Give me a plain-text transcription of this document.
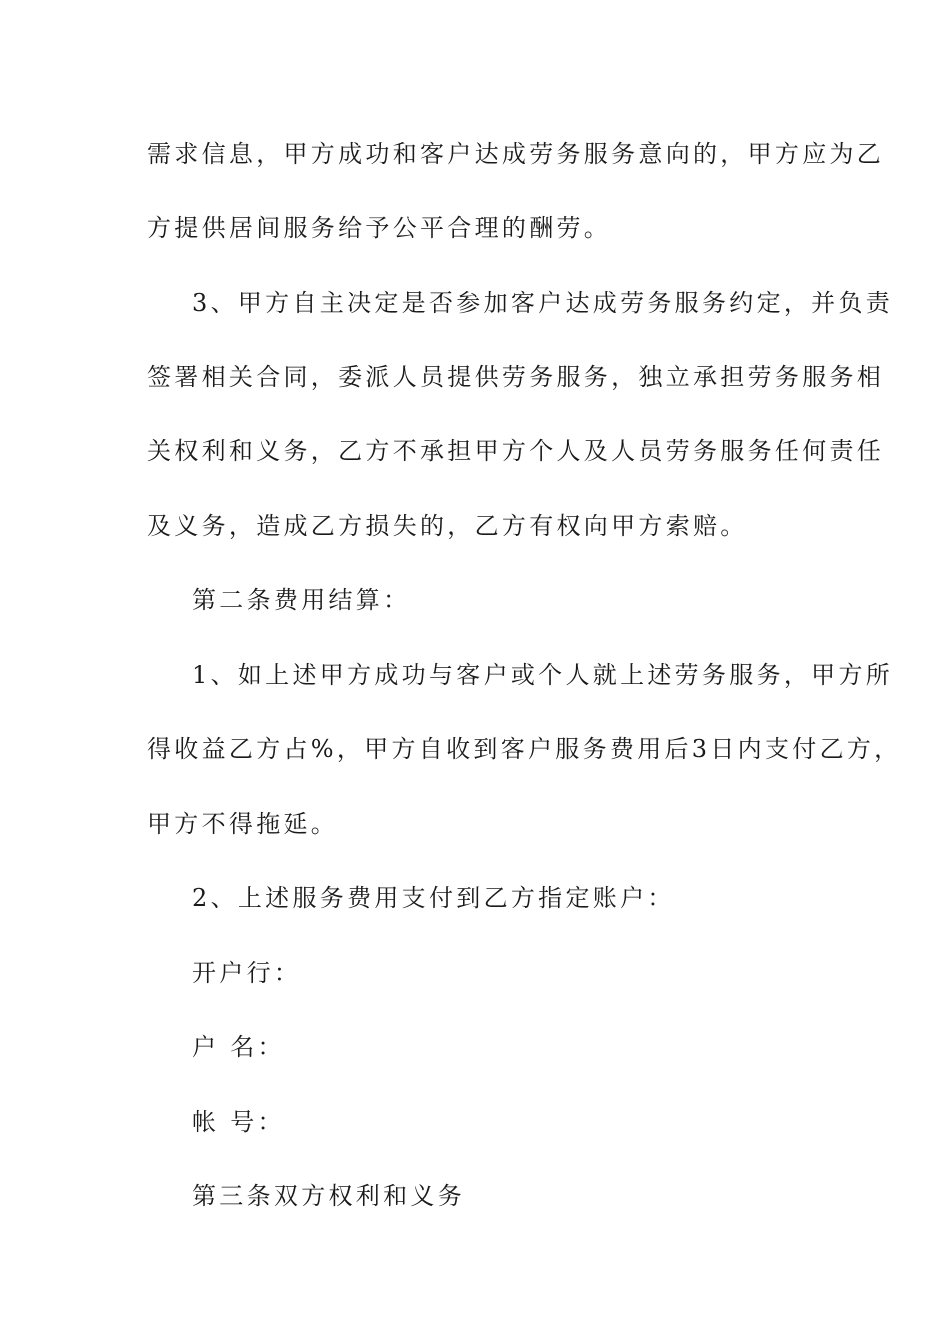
需求信息，甲方成功和客户达成劳务服务意向的，甲方应为乙
方提供居间服务给予公平合理的酬劳。
3、甲方自主决定是否参加客户达成劳务服务约定，并负责
签署相关合同，委派人员提供劳务服务，独立承担劳务服务相
关权利和义务，乙方不承担甲方个人及人员劳务服务任何责任
及义务，造成乙方损失的，乙方有权向甲方索赔。
第二条费用结算：
1、如上述甲方成功与客户或个人就上述劳务服务，甲方所
得收益乙方占%，甲方自收到客户服务费用后3日内支付乙方，
甲方不得拖延。
2、上述服务费用支付到乙方指定账户：
开户行：
户 名：
帐 号：
第三条双方权利和义务
